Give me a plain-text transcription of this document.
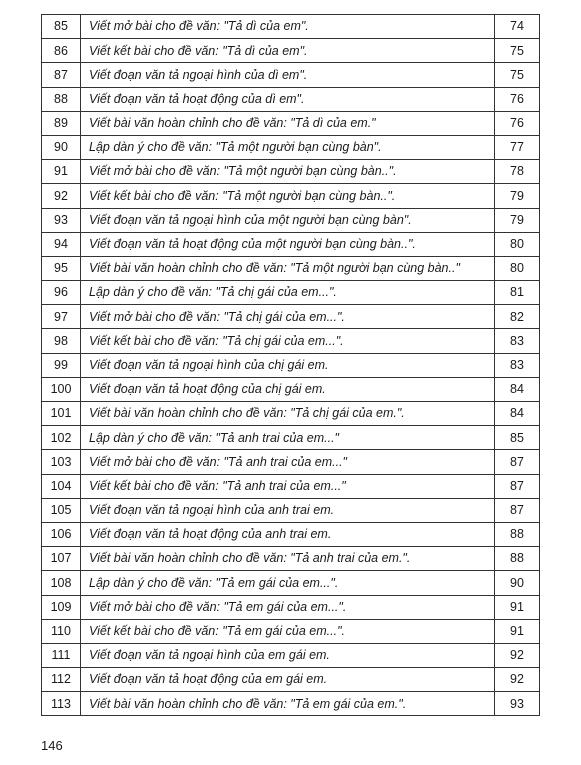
85	Viết mở bài cho đề văn: "Tả dì của em".	74
86	Viết kết bài cho đề văn: "Tả dì của em".	75
87	Viết đoạn văn tả ngoại hình của dì em".	75
88	Viết đoạn văn tả hoạt động của dì em".	76
89	Viết bài văn hoàn chỉnh cho đề văn: "Tả dì của em."	76
90	Lập dàn ý cho đề văn: "Tả một người bạn cùng bàn".	77
91	Viết mở bài cho đề văn: "Tả một người bạn cùng bàn..".	78
92	Viết kết bài cho đề văn: "Tả một người bạn cùng bàn..".	79
93	Viết đoạn văn tả ngoại hình của một người bạn cùng bàn".	79
94	Viết đoạn văn tả hoạt động của một người bạn cùng bàn..".	80
95	Viết bài văn hoàn chỉnh cho đề văn: "Tả một người bạn cùng bàn.."	80
96	Lập dàn ý cho đề văn: "Tả chị gái của em...".	81
97	Viết mở bài cho đề văn: "Tả chị gái của em...".	82
98	Viết kết bài cho đề văn: "Tả chị gái của em...".	83
99	Viết đoạn văn tả ngoại hình của chị gái em.	83
100	Viết đoạn văn tả hoạt động của chị gái em.	84
101	Viết bài văn hoàn chỉnh cho đề văn: "Tả chị gái của em.".	84
102	Lập dàn ý cho đề văn: "Tả anh trai của em..."	85
103	Viết mở bài cho đề văn: "Tả anh trai của em..."	87
104	Viết kết bài cho đề văn: "Tả anh trai của em..."	87
105	Viết đoạn văn tả ngoại hình của anh trai em.	87
106	Viết đoạn văn tả hoạt động của anh trai em.	88
107	Viết bài văn hoàn chỉnh cho đề văn: "Tả anh trai của em.".	88
108	Lập dàn ý cho đề văn: "Tả em gái của em...".	90
109	Viết mở bài cho đề văn: "Tả em gái của em...".	91
110	Viết kết bài cho đề văn: "Tả em gái của em...".	91
111	Viết đoạn văn tả ngoại hình của em gái em.	92
112	Viết đoạn văn tả hoạt động của em gái em.	92
113	Viết bài văn hoàn chỉnh cho đề văn: "Tả em gái của em.".	93
146
